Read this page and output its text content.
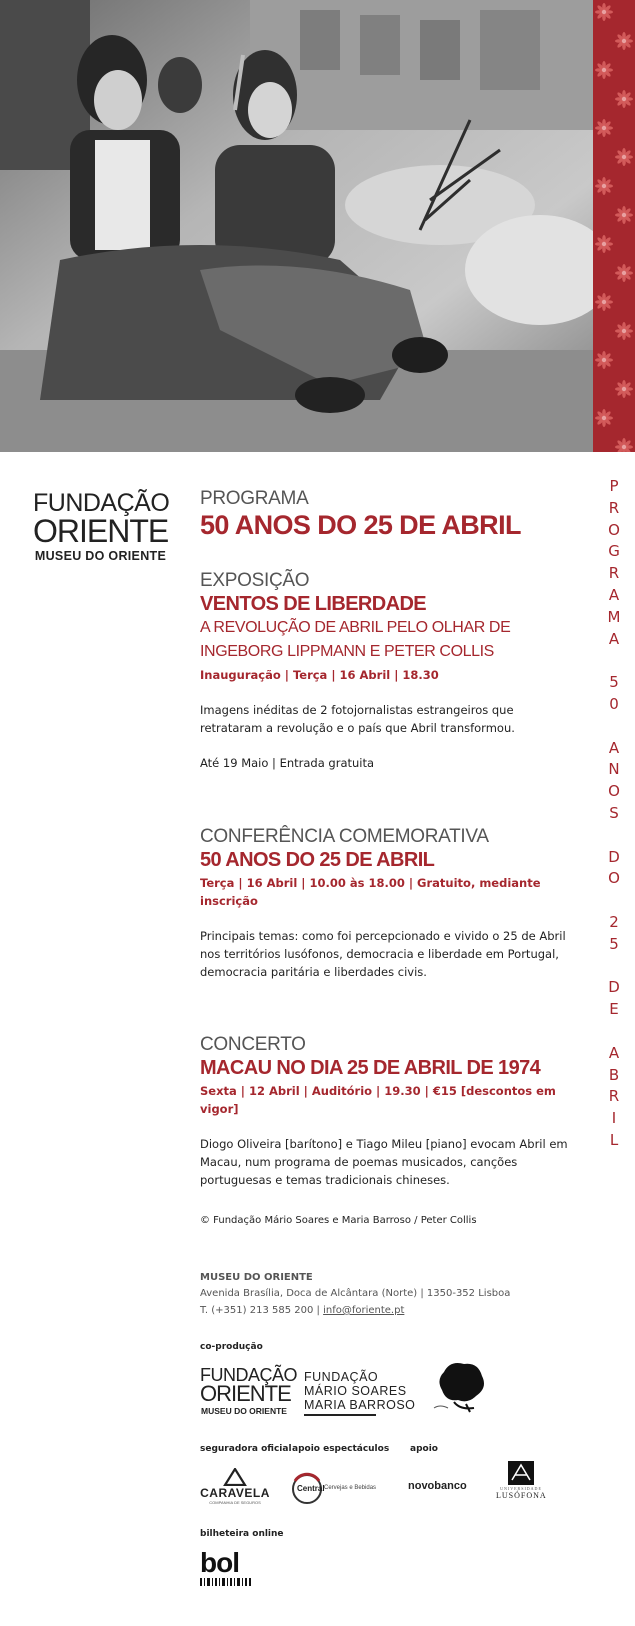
FUNDAÇÃO
ORIENTE
MUSEU DO ORIENTE
P
R
O
G
R
A
M
A

5
0

A
N
O
S

D
O

2
5

D
E

A
B
R
I
L
PROGRAMA
50 ANOS DO 25 DE ABRIL
EXPOSIÇÃO
VENTOS DE LIBERDADE
A REVOLUÇÃO DE ABRIL PELO OLHAR DE INGEBORG LIPPMANN E PETER COLLIS
Inauguração | Terça | 16 Abril | 18.30
Imagens inéditas de 2 fotojornalistas estrangeiros que retrataram a revolução e o país que Abril transformou.
Até 19 Maio | Entrada gratuita
CONFERÊNCIA COMEMORATIVA
50 ANOS DO 25 DE ABRIL
Terça | 16 Abril | 10.00 às 18.00 | Gratuito, mediante inscrição
Principais temas: como foi percepcionado e vivido o 25 de Abril nos territórios lusófonos, democracia e liberdade em Portugal, democracia paritária e liberdades civis.
CONCERTO
MACAU NO DIA 25 DE ABRIL DE 1974
Sexta | 12 Abril | Auditório | 19.30 | €15 [descontos em vigor]
Diogo Oliveira [barítono] e Tiago Mileu [piano] evocam Abril em Macau, num programa de poemas musicados, canções portuguesas e temas tradicionais chineses.
© Fundação Mário Soares e Maria Barroso / Peter Collis
MUSEU DO ORIENTE
Avenida Brasília, Doca de Alcântara (Norte) | 1350-352 Lisboa
T. (+351) 213 585 200 | info@foriente.pt
co-produção
FUNDAÇÃO
ORIENTE
MUSEU DO ORIENTE
FUNDAÇÃO
MÁRIO SOARES
MARIA BARROSO
seguradora oficial apoio espectáculos apoio
CARAVELA
COMPANHIA DE SEGUROS
Central Cervejas e Bebidas	novobanco	UNIVERSIDADE
LUSÓFONA
bilheteira online
bol
